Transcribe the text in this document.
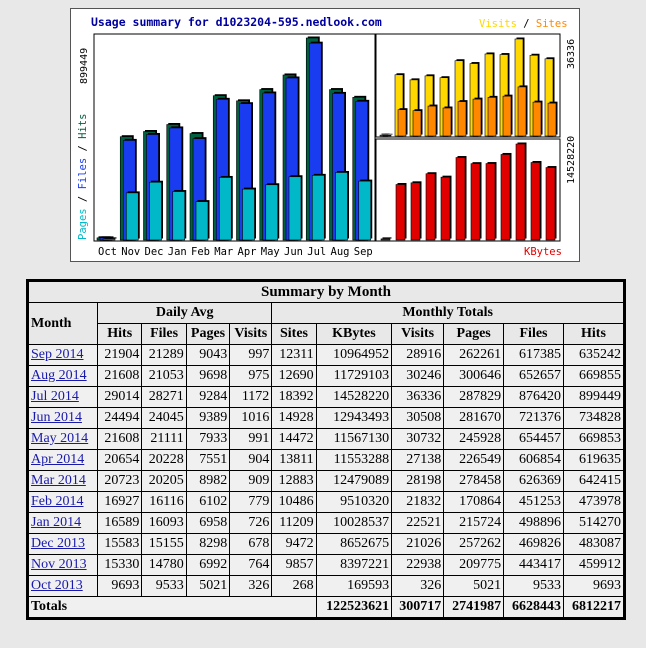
Usage summary for d1023204-595.nedlook.com
899449
Pages / Files / Hits
Oct Nov Dec Jan Feb Mar Apr May Jun Jul Aug Sep
Visits / Sites
36336
14528220
KBytes
Summary by Month										
Month	Daily Avg				Monthly Totals					
	Hits	Files	Pages	Visits	Sites	KBytes	Visits	Pages	Files	Hits
Sep 2014	21904	21289	9043	997	12311	10964952	28916	262261	617385	635242
Aug 2014	21608	21053	9698	975	12690	11729103	30246	300646	652657	669855
Jul 2014	29014	28271	9284	1172	18392	14528220	36336	287829	876420	899449
Jun 2014	24494	24045	9389	1016	14928	12943493	30508	281670	721376	734828
May 2014	21608	21111	7933	991	14472	11567130	30732	245928	654457	669853
Apr 2014	20654	20228	7551	904	13811	11553288	27138	226549	606854	619635
Mar 2014	20723	20205	8982	909	12883	12479089	28198	278458	626369	642415
Feb 2014	16927	16116	6102	779	10486	9510320	21832	170864	451253	473978
Jan 2014	16589	16093	6958	726	11209	10028537	22521	215724	498896	514270
Dec 2013	15583	15155	8298	678	9472	8652675	21026	257262	469826	483087
Nov 2013	15330	14780	6992	764	9857	8397221	22938	209775	443417	459912
Oct 2013	9693	9533	5021	326	268	169593	326	5021	9533	9693
Totals						122523621	300717	2741987	6628443	6812217
